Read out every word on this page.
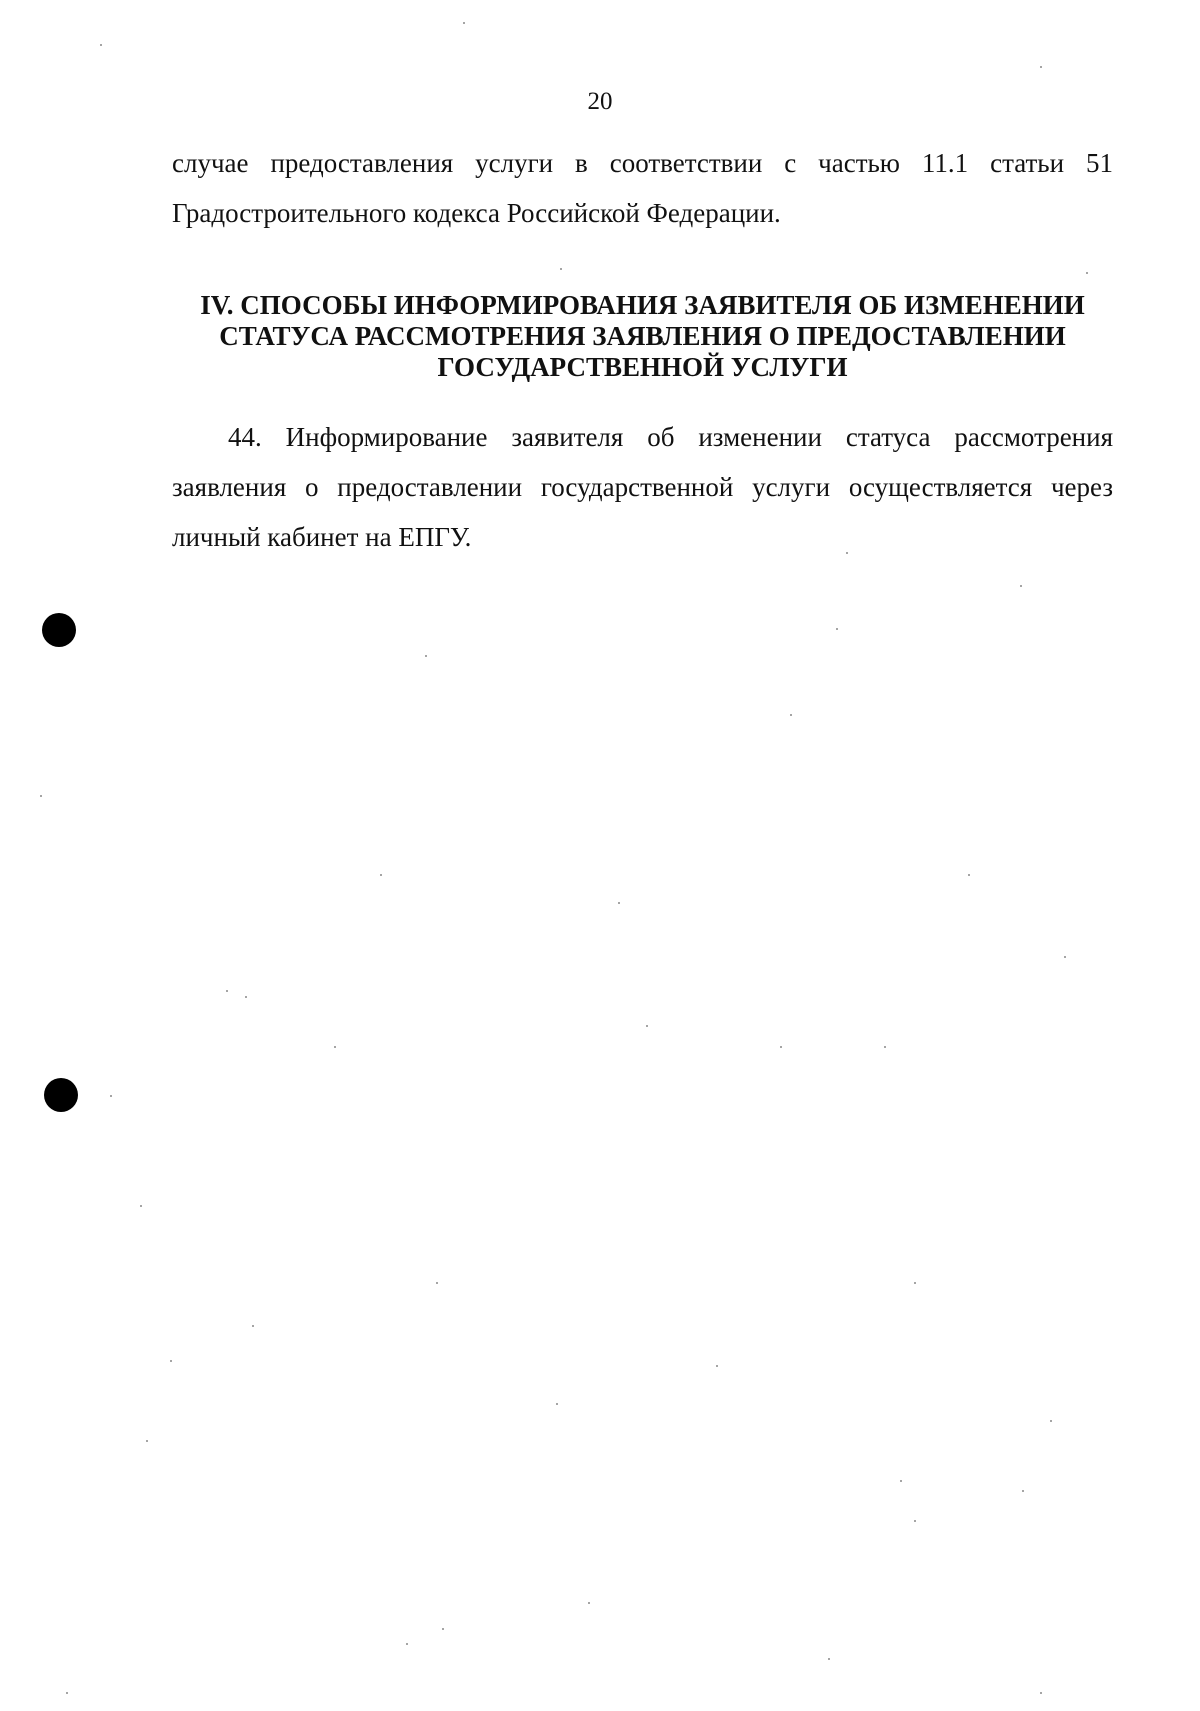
20
случае предоставления услуги в соответствии с частью 11.1 статьи 51
Градостроительного кодекса Российской Федерации.
IV. СПОСОБЫ ИНФОРМИРОВАНИЯ ЗАЯВИТЕЛЯ ОБ ИЗМЕНЕНИИ
СТАТУСА РАССМОТРЕНИЯ ЗАЯВЛЕНИЯ О ПРЕДОСТАВЛЕНИИ
ГОСУДАРСТВЕННОЙ УСЛУГИ
44. Информирование заявителя об изменении статуса рассмотрения заявления о предоставлении государственной услуги осуществляется через личный кабинет на ЕПГУ.
